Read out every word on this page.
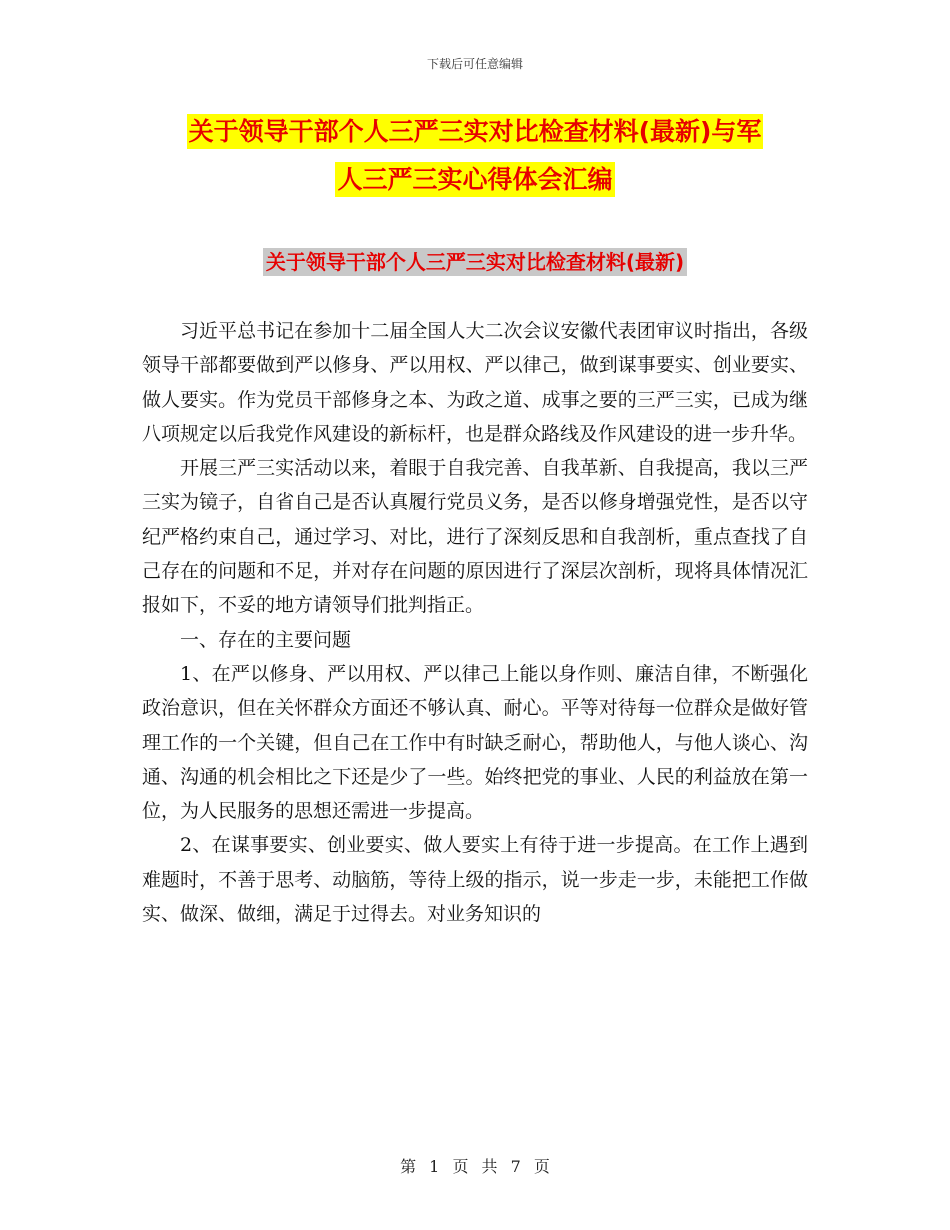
下载后可任意编辑
关于领导干部个人三严三实对比检查材料(最新)与军
人三严三实心得体会汇编
关于领导干部个人三严三实对比检查材料(最新)

习近平总书记在参加十二届全国人大二次会议安徽代表团审议时指出，各级领导干部都要做到严以修身、严以用权、严以律己，做到谋事要实、创业要实、做人要实。作为党员干部修身之本、为政之道、成事之要的三严三实，已成为继八项规定以后我党作风建设的新标杆，也是群众路线及作风建设的进一步升华。

开展三严三实活动以来，着眼于自我完善、自我革新、自我提高，我以三严三实为镜子，自省自己是否认真履行党员义务，是否以修身增强党性，是否以守纪严格约束自己，通过学习、对比，进行了深刻反思和自我剖析，重点查找了自己存在的问题和不足，并对存在问题的原因进行了深层次剖析，现将具体情况汇报如下，不妥的地方请领导们批判指正。

一、存在的主要问题

1、在严以修身、严以用权、严以律己上能以身作则、廉洁自律，不断强化政治意识，但在关怀群众方面还不够认真、耐心。平等对待每一位群众是做好管理工作的一个关键，但自己在工作中有时缺乏耐心，帮助他人，与他人谈心、沟通、沟通的机会相比之下还是少了一些。始终把党的事业、人民的利益放在第一位，为人民服务的思想还需进一步提高。

2、在谋事要实、创业要实、做人要实上有待于进一步提高。在工作上遇到难题时，不善于思考、动脑筋，等待上级的指示，说一步走一步，未能把工作做实、做深、做细，满足于过得去。对业务知识的

第 1 页 共 7 页
